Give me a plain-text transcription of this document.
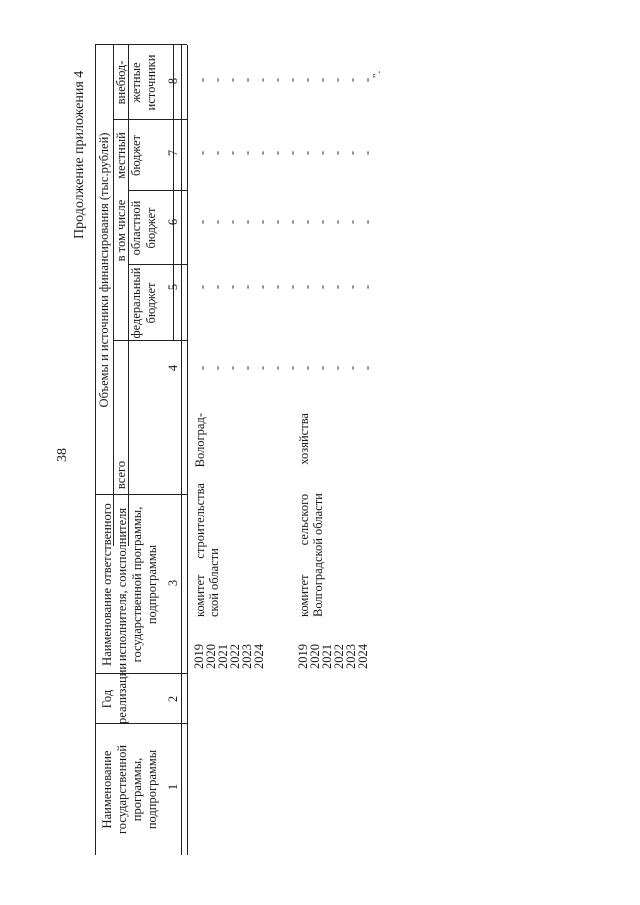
38
Продолжение приложения 4
Наименование государственной программы, подпрограммы
Год реализации
Наименование ответственного исполнителя, соисполнителя государственной программы, подпрограммы
Объемы и источники финансирования (тыс.рублей)
всего
в том числе
федеральный бюджет
областной бюджет
местный бюджет
внебюд- жетные источники
1
2
3
4
5
6
7
8
2019
2020
2021
2022
2023
2024
комитет
строительства
Волоград-
ской области
2019
2020
2021
2022
2023
2024
комитет
сельского
хозяйства
Волгоградской области
- - - - - - - - - - - -
- - - - - - - - - - - -
- - - - - - - - - - - -
- - - - - - - - - - - -
- - - - - - - - - - - -
".
